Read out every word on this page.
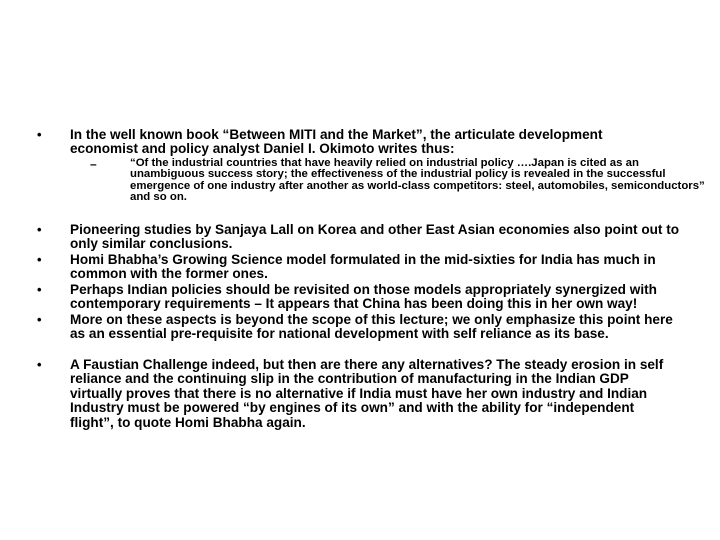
• In the well known book “Between MITI and the Market”, the articulate development economist and policy analyst Daniel I. Okimoto writes thus:
–	“Of the industrial countries that have heavily relied on industrial policy ….Japan is cited as an unambiguous success story; the effectiveness of the industrial policy is revealed in the successful emergence of one industry after another as world-class competitors: steel, automobiles, semiconductors” and so on.
• Pioneering studies by Sanjaya Lall on Korea and other East Asian economies also point out to only similar conclusions.
• Homi Bhabha’s Growing Science model formulated in the mid-sixties for India has much in common with the former ones.
• Perhaps Indian policies should be revisited on those models appropriately synergized with contemporary requirements – It appears that China has been doing this in her own way!
• More on these aspects is beyond the scope of this lecture; we only emphasize this point here as an essential pre-requisite for national development with self reliance as its base.
• A Faustian Challenge indeed, but then are there any alternatives? The steady erosion in self reliance and the continuing slip in the contribution of manufacturing in the Indian GDP virtually proves that there is no alternative if India must have her own industry and Indian Industry must be powered “by engines of its own” and with the ability for “independent flight”, to quote Homi Bhabha again.
